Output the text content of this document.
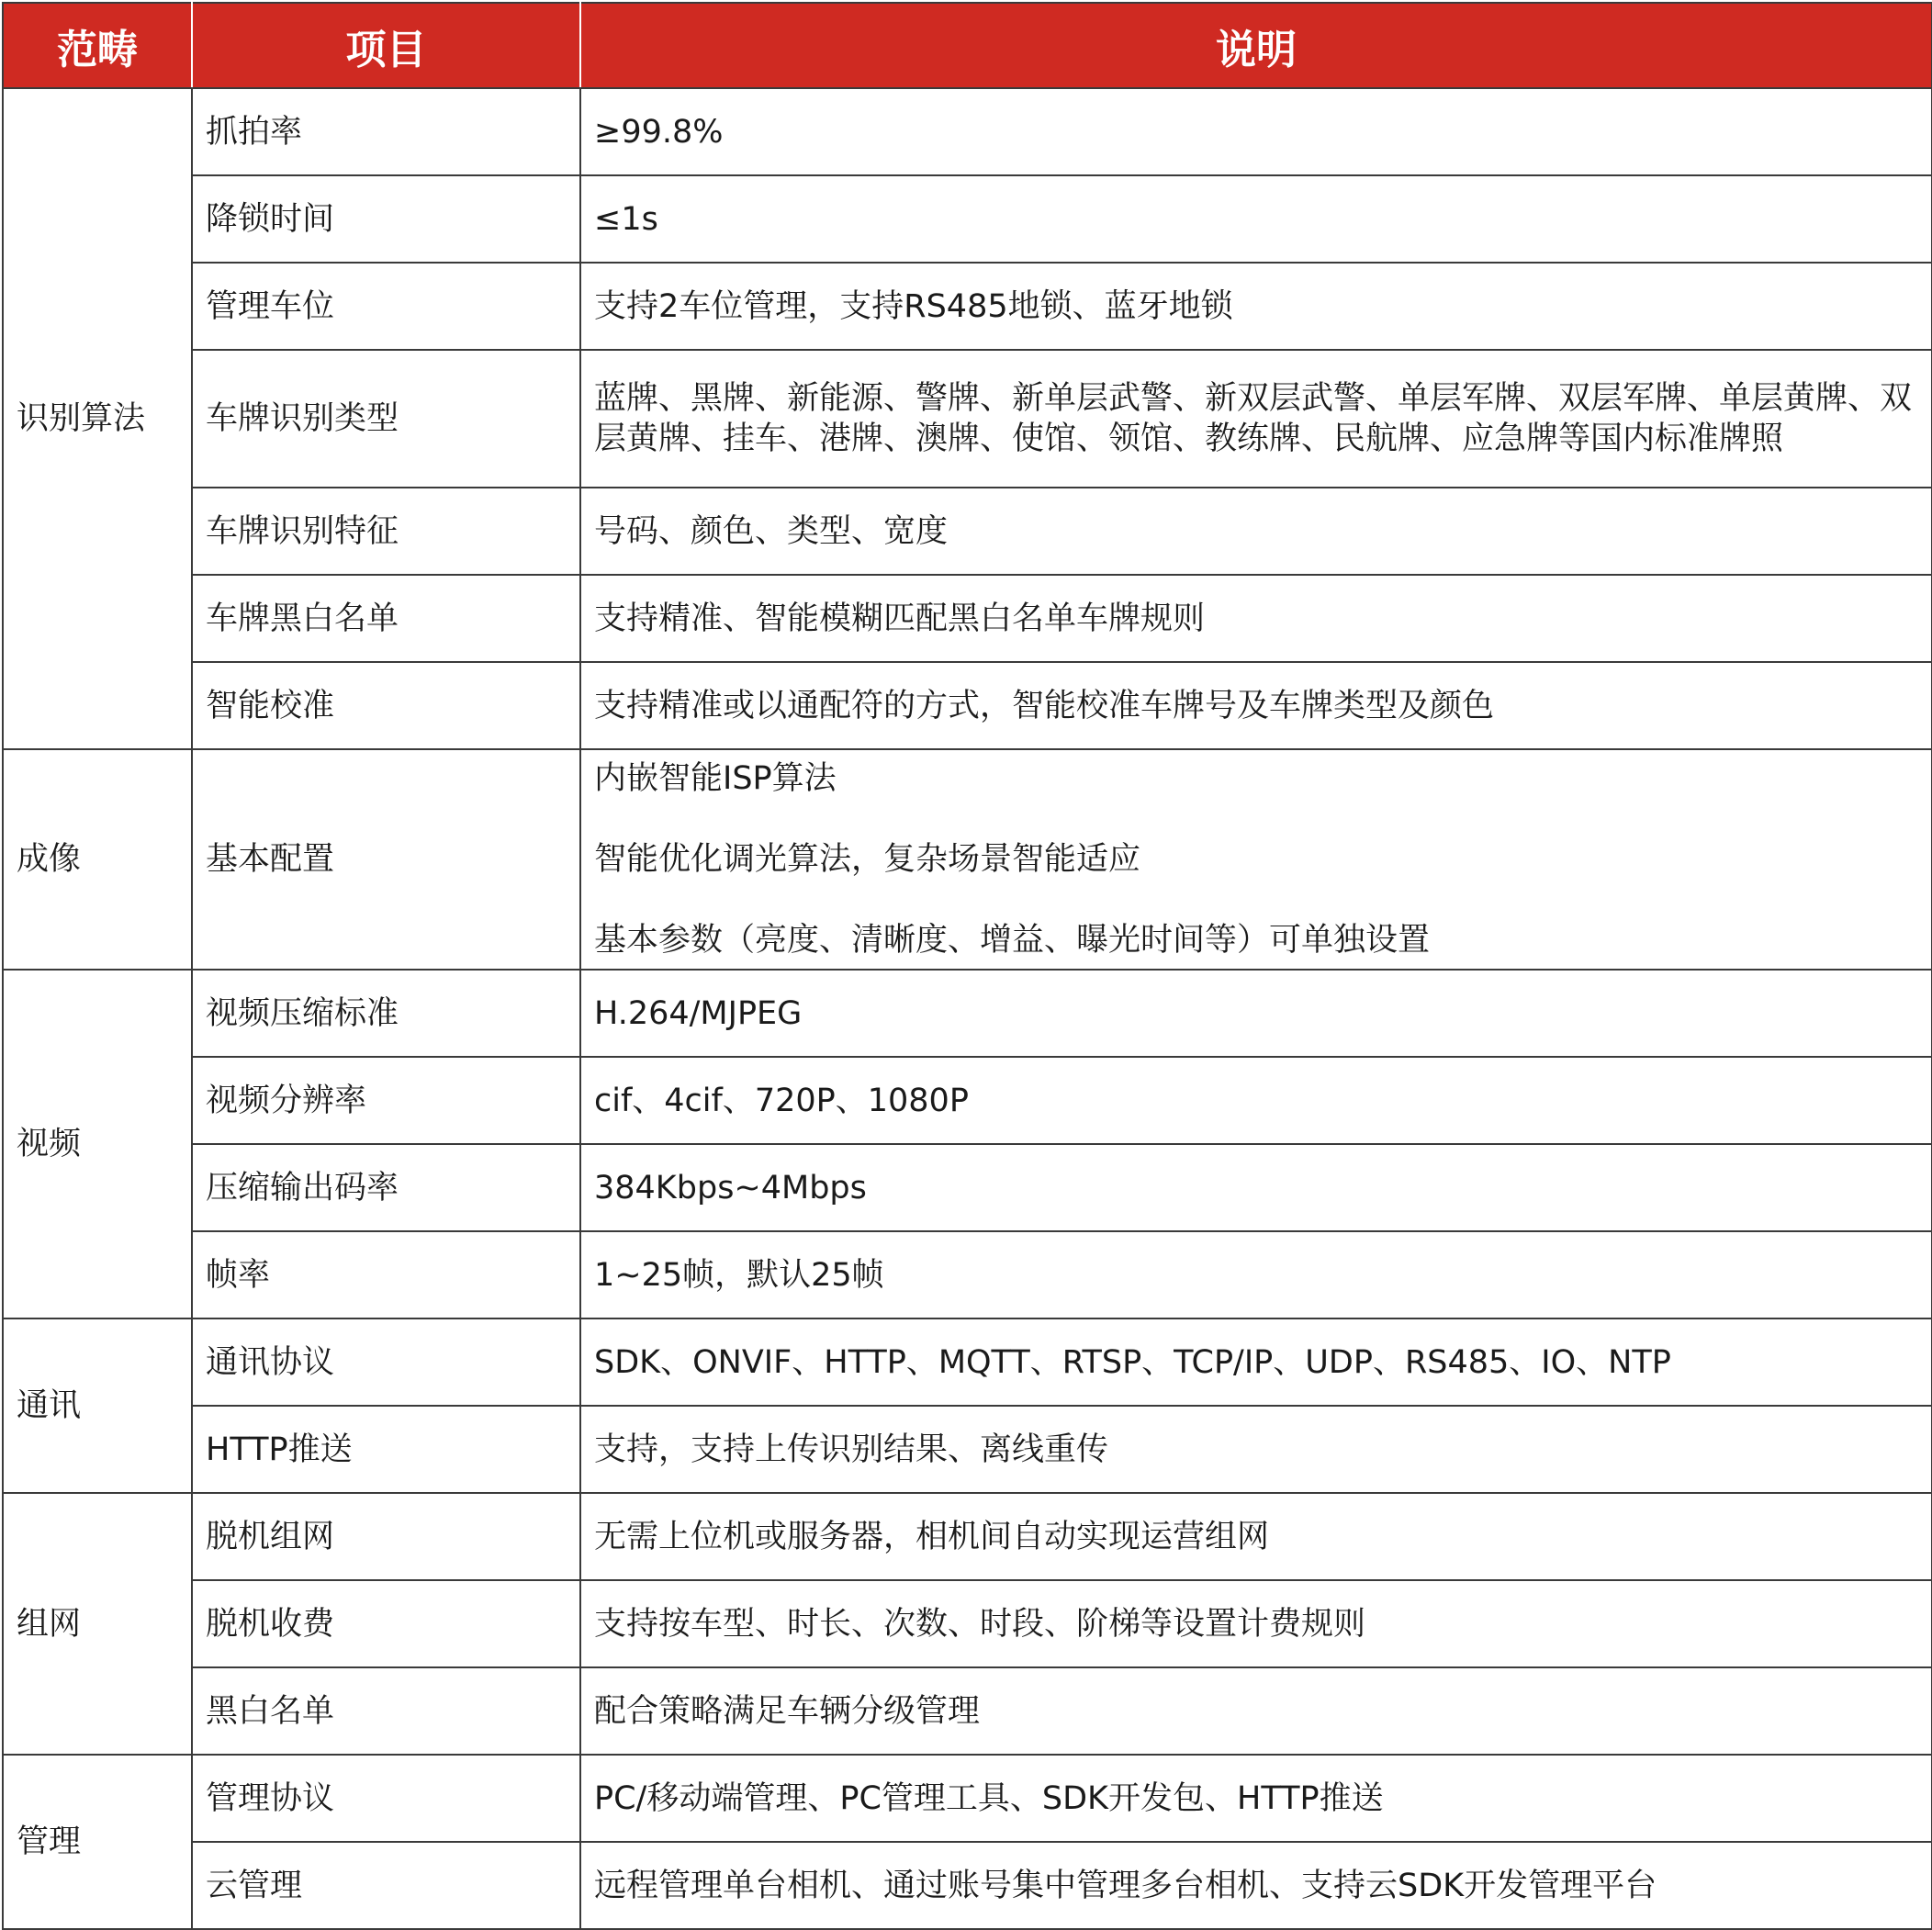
范畴	项目	说明
识别算法	抓拍率	≥99.8%
	降锁时间	≤1s
	管理车位	支持2车位管理，支持RS485地锁、蓝牙地锁
	车牌识别类型	蓝牌、黑牌、新能源、警牌、新单层武警、新双层武警、单层军牌、双层军牌、单层黄牌、双层黄牌、挂车、港牌、澳牌、使馆、领馆、教练牌、民航牌、应急牌等国内标准牌照
	车牌识别特征	号码、颜色、类型、宽度
	车牌黑白名单	支持精准、智能模糊匹配黑白名单车牌规则
	智能校准	支持精准或以通配符的方式，智能校准车牌号及车牌类型及颜色
成像	基本配置	内嵌智能ISP算法
智能优化调光算法，复杂场景智能适应
基本参数（亮度、清晰度、增益、曝光时间等）可单独设置

视频	视频压缩标准	H.264/MJPEG
	视频分辨率	cif、4cif、720P、1080P
	压缩输出码率	384Kbps~4Mbps
	帧率	1~25帧，默认25帧
通讯	通讯协议	SDK、ONVIF、HTTP、MQTT、RTSP、TCP/IP、UDP、RS485、IO、NTP
	HTTP推送	支持，支持上传识别结果、离线重传
组网	脱机组网	无需上位机或服务器，相机间自动实现运营组网
	脱机收费	支持按车型、时长、次数、时段、阶梯等设置计费规则
	黑白名单	配合策略满足车辆分级管理
管理	管理协议	PC/移动端管理、PC管理工具、SDK开发包、HTTP推送
	云管理	远程管理单台相机、通过账号集中管理多台相机、支持云SDK开发管理平台
